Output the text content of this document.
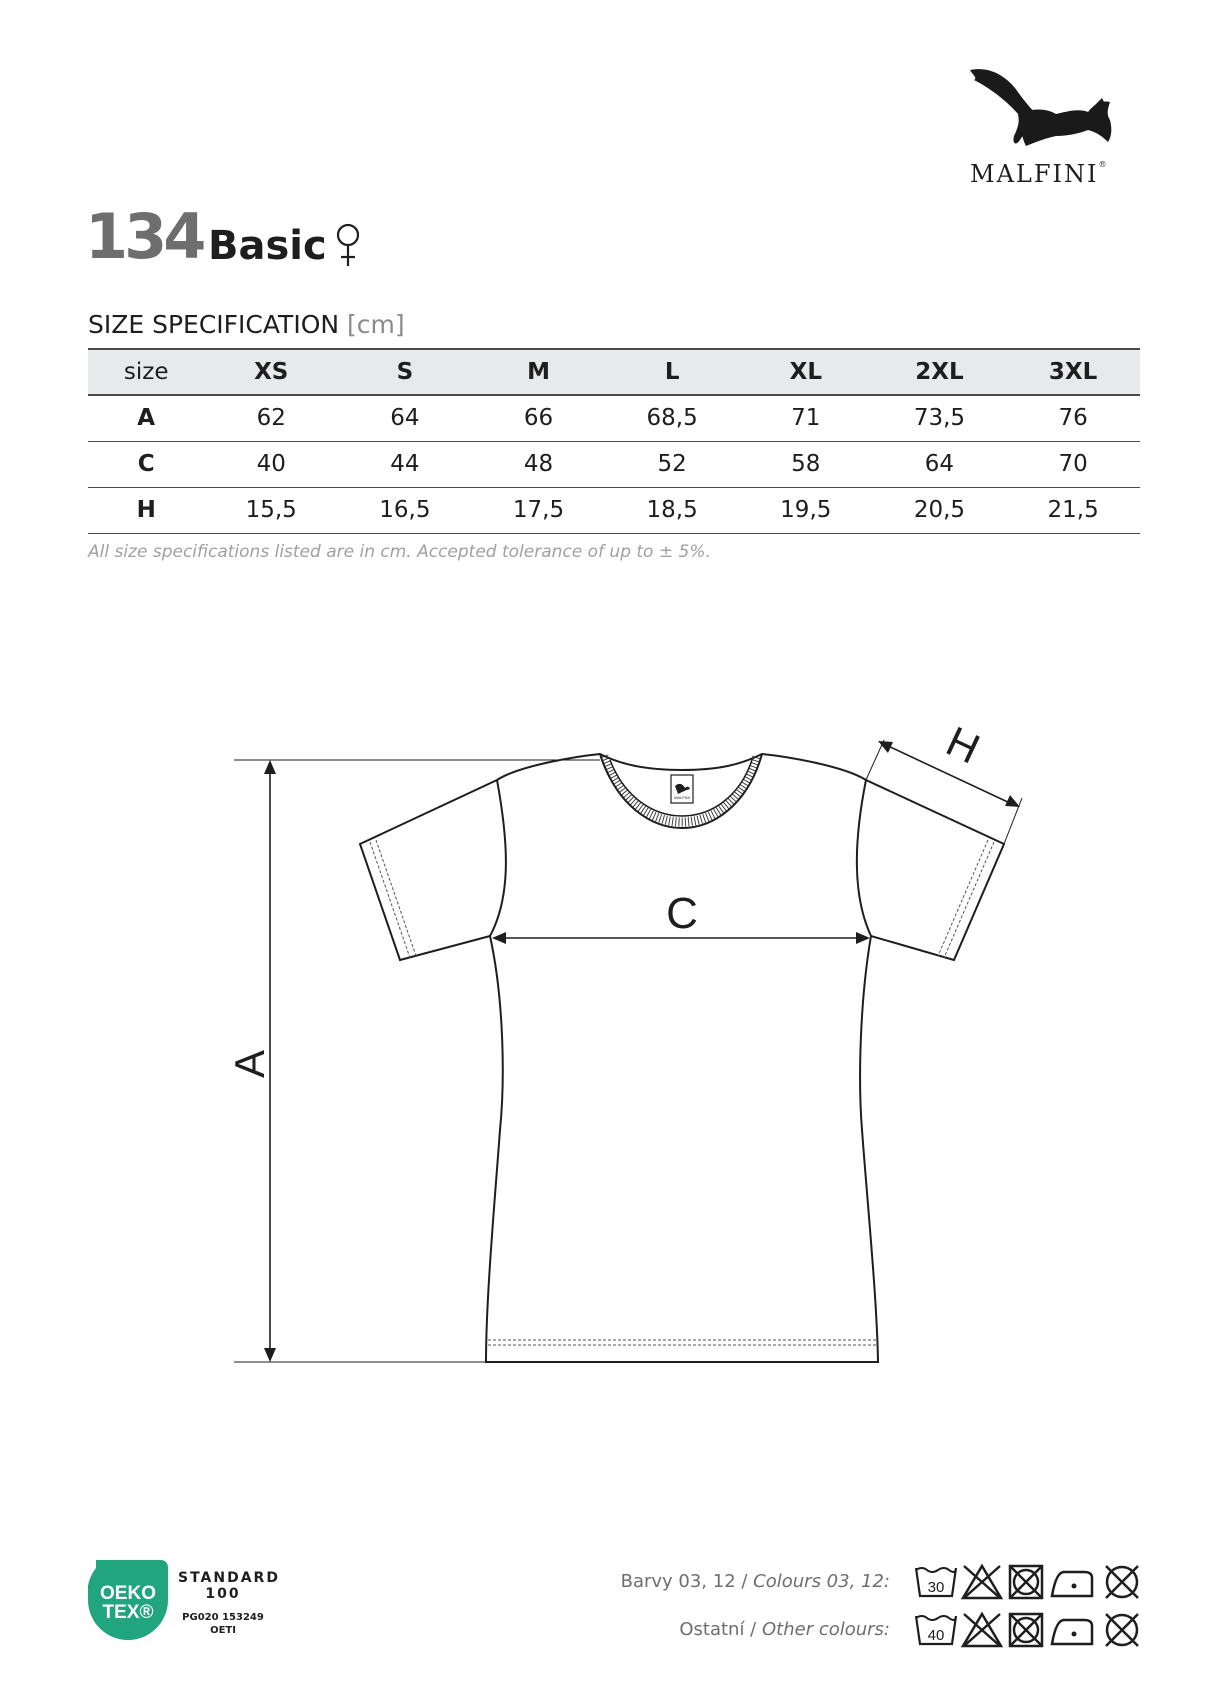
MALFINI®
134 Basic
SIZE SPECIFICATION [cm]
size	XS	S	M	L	XL	2XL	3XL
A	62	64	66	68,5	71	73,5	76
C	40	44	48	52	58	64	70
H	15,5	16,5	17,5	18,5	19,5	20,5	21,5
All size specifications listed are in cm. Accepted tolerance of up to ± 5%.
A
MALFINI
C
H
OEKO
TEX®
STANDARD
100
PG020 153249
OETI
Barvy 03, 12 / Colours 03, 12:
Ostatní / Other colours:
30
40
